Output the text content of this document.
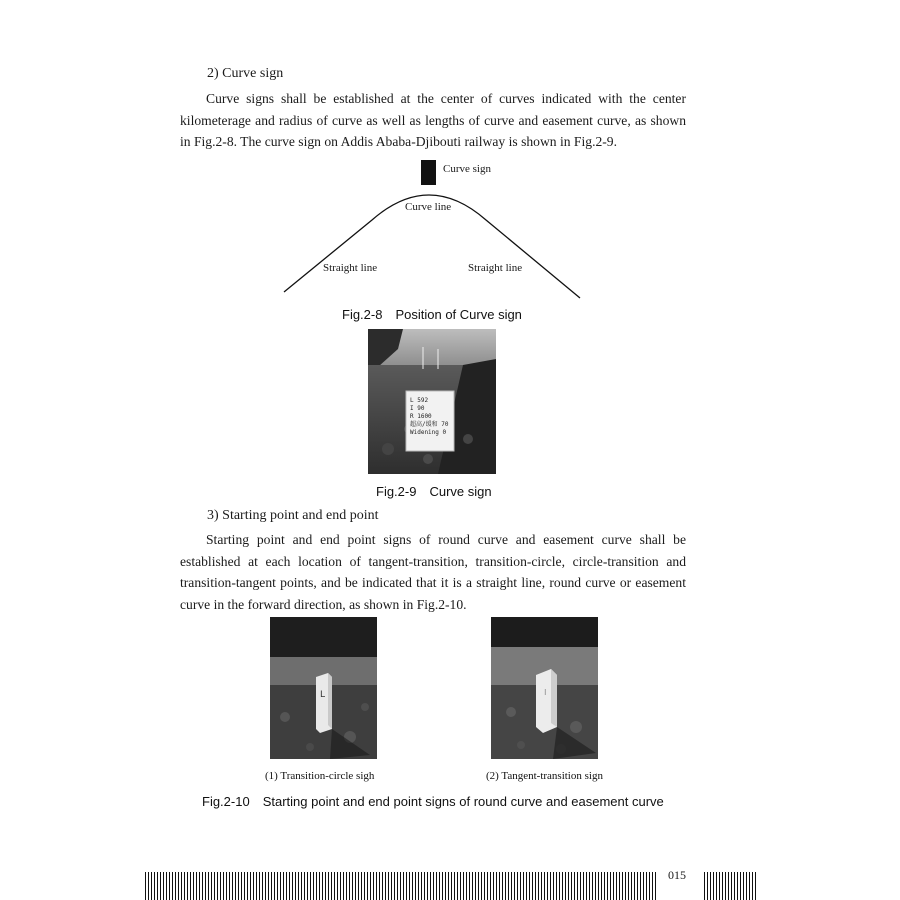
2) Curve sign
Curve signs shall be established at the center of curves indicated with the center kilometerage and radius of curve as well as lengths of curve and easement curve, as shown in Fig.2-8. The curve sign on Addis Ababa-Djibouti railway is shown in Fig.2-9.
Curve sign
Curve line
Straight line	Straight line
Fig.2-8　Position of Curve sign
L 592
I 90
R 1600
超高/缓和 70
Widening 0
Fig.2-9　Curve sign
3) Starting point and end point
Starting point and end point signs of round curve and easement curve shall be established at each location of tangent-transition, transition-circle, circle-transition and transition-tangent points, and be indicated that it is a straight line, round curve or easement curve in the forward direction, as shown in Fig.2-10.
ᒪ	⁝
(1) Transition-circle sigh	(2) Tangent-transition sign
Fig.2-10　Starting point and end point signs of round curve and easement curve
015
